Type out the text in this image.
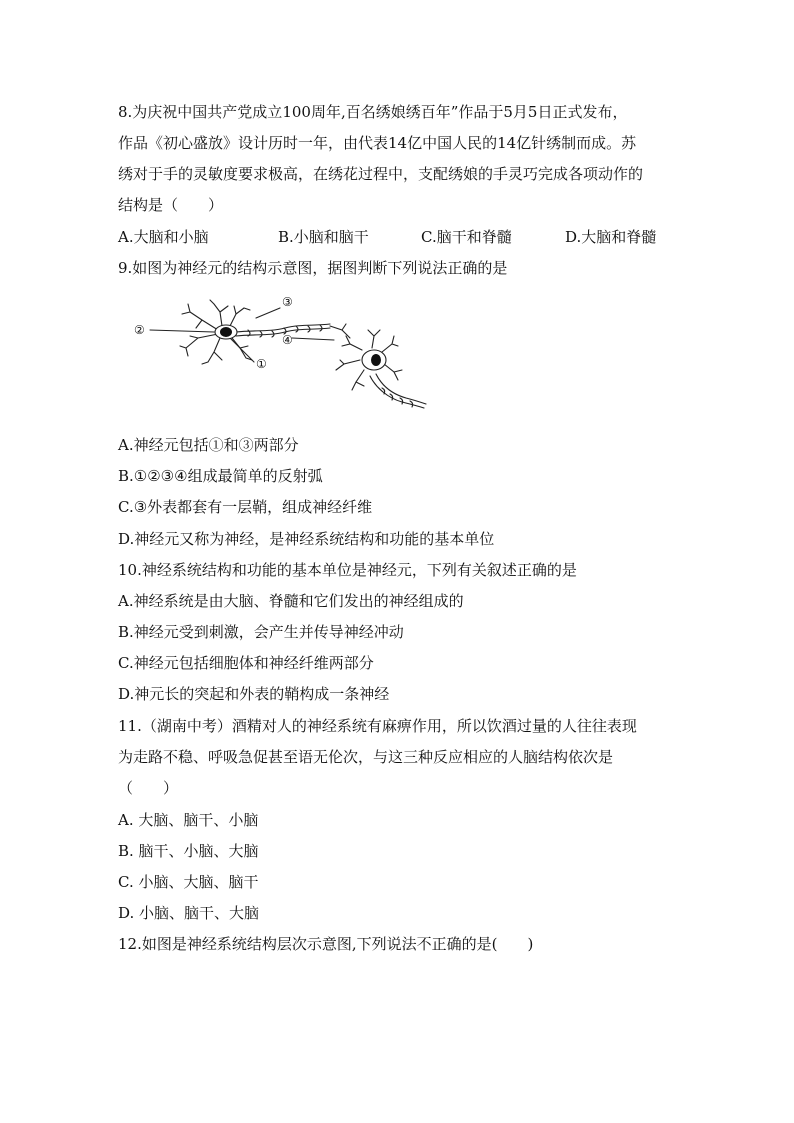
8.为庆祝中国共产党成立100周年,百名绣娘绣百年”作品于5月5日正式发布，
作品《初心盛放》设计历时一年，由代表14亿中国人民的14亿针绣制而成。苏
绣对于手的灵敏度要求极高，在绣花过程中，支配绣娘的手灵巧完成各项动作的
结构是（　　）
A.大脑和小脑	B.小脑和脑干	C.脑干和脊髓	D.大脑和脊髓
9.如图为神经元的结构示意图，据图判断下列说法正确的是
②
③
④
①
A.神经元包括①和③两部分
B.①②③④组成最简单的反射弧
C.③外表都套有一层鞘，组成神经纤维
D.神经元又称为神经，是神经系统结构和功能的基本单位
10.神经系统结构和功能的基本单位是神经元，下列有关叙述正确的是
A.神经系统是由大脑、脊髓和它们发出的神经组成的
B.神经元受到刺激，会产生并传导神经冲动
C.神经元包括细胞体和神经纤维两部分
D.神元长的突起和外表的鞘构成一条神经
11.（湖南中考）酒精对人的神经系统有麻痹作用，所以饮酒过量的人往往表现
为走路不稳、呼吸急促甚至语无伦次，与这三种反应相应的人脑结构依次是
（　　）
A. 大脑、脑干、小脑
B. 脑干、小脑、大脑
C. 小脑、大脑、脑干
D. 小脑、脑干、大脑
12.如图是神经系统结构层次示意图,下列说法不正确的是(　　)
